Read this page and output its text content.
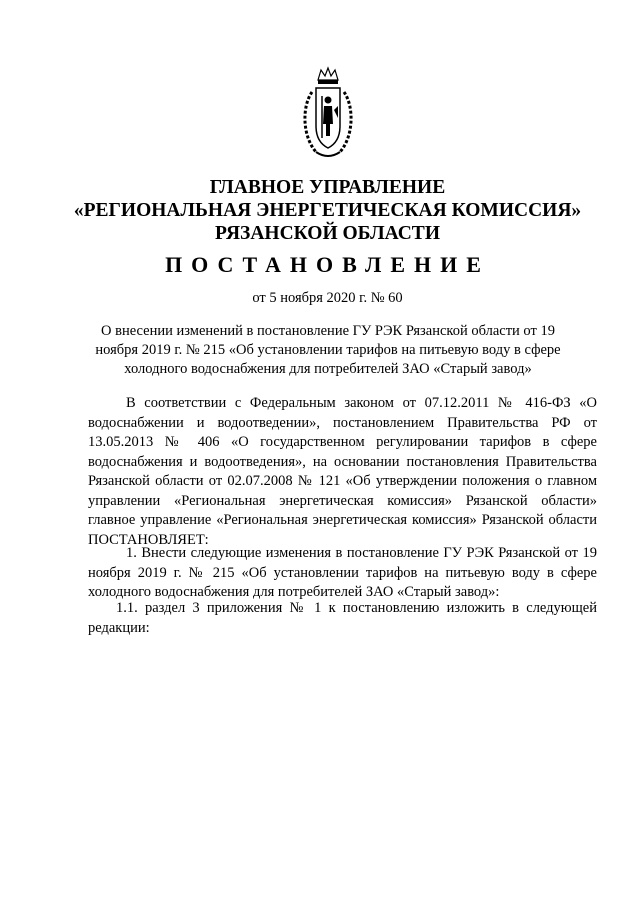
ГЛАВНОЕ УПРАВЛЕНИЕ
«РЕГИОНАЛЬНАЯ ЭНЕРГЕТИЧЕСКАЯ КОМИССИЯ»
РЯЗАНСКОЙ ОБЛАСТИ
ПОСТАНОВЛЕНИЕ
от 5 ноября 2020 г. № 60
О внесении изменений в постановление ГУ РЭК Рязанской области от 19 ноября 2019 г. № 215 «Об установлении тарифов на питьевую воду в сфере холодного водоснабжения для потребителей ЗАО «Старый завод»
В соответствии с Федеральным законом от 07.12.2011 № 416-ФЗ «О водоснабжении и водоотведении», постановлением Правительства РФ от 13.05.2013 № 406 «О государственном регулировании тарифов в сфере водоснабжения и водоотведения», на основании постановления Правительства Рязанской области от 02.07.2008 № 121 «Об утверждении положения о главном управлении «Региональная энергетическая комиссия» Рязанской области» главное управление «Региональная энергетическая комиссия» Рязанской области ПОСТАНОВЛЯЕТ:
1. Внести следующие изменения в постановление ГУ РЭК Рязанской от 19 ноября 2019 г. № 215 «Об установлении тарифов на питьевую воду в сфере холодного водоснабжения для потребителей ЗАО «Старый завод»:
1.1. раздел 3 приложения № 1 к постановлению изложить в следующей редакции:
